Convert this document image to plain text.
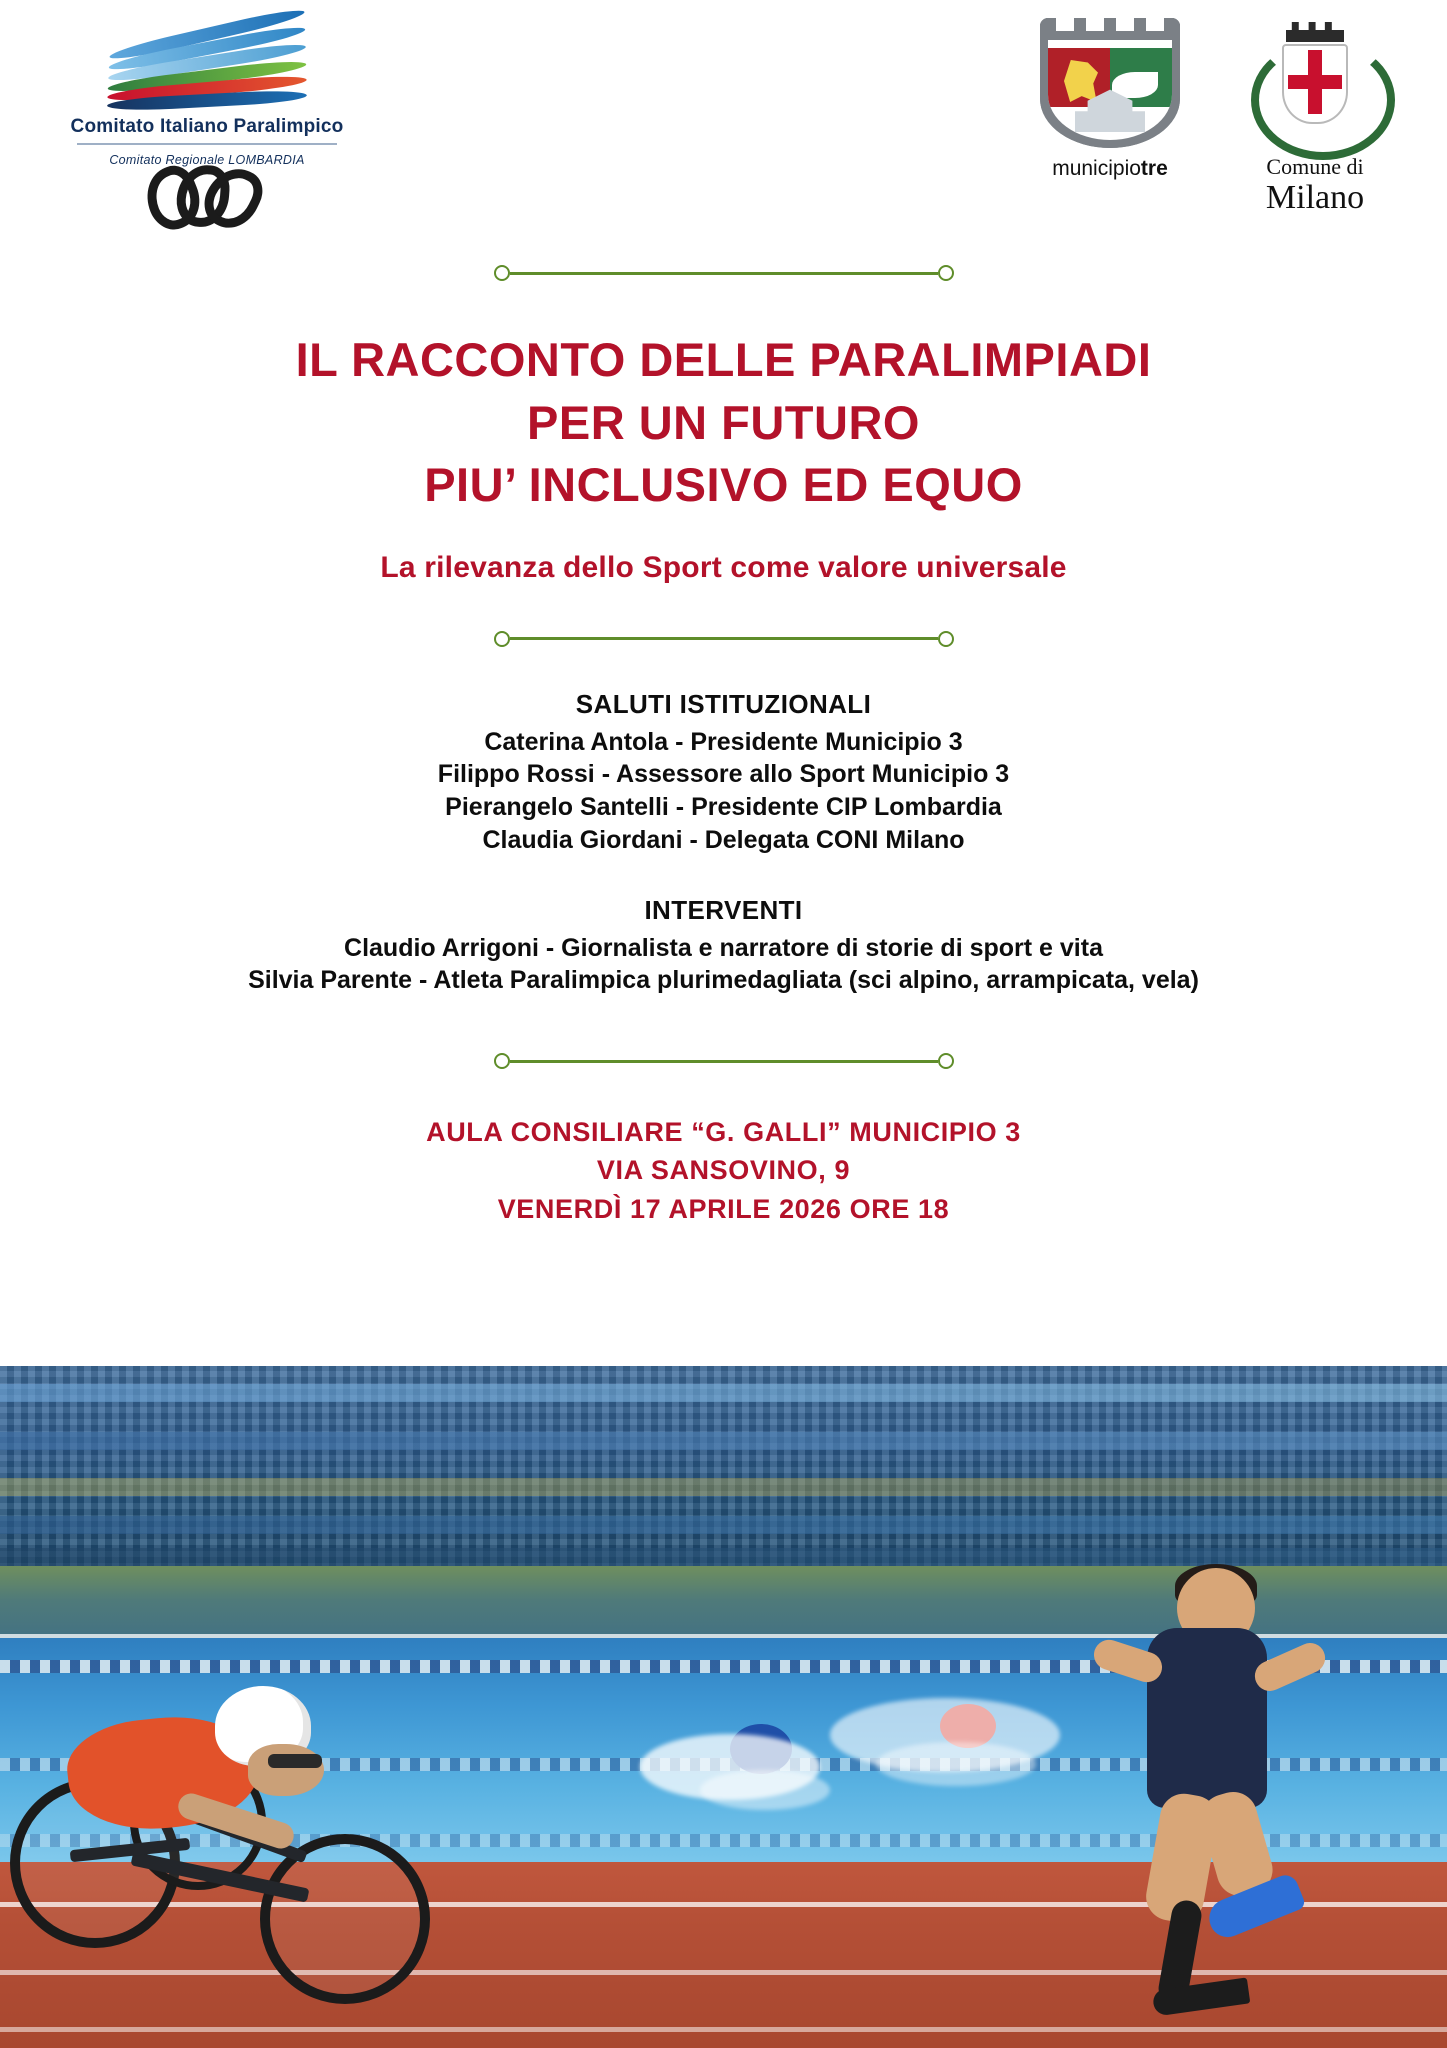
Comitato Italiano Paralimpico
Comitato Regionale LOMBARDIA	municipiotre	Comune di
Milano
IL RACCONTO DELLE PARALIMPIADI
PER UN FUTURO
PIU’ INCLUSIVO ED EQUO
La rilevanza dello Sport come valore universale
SALUTI ISTITUZIONALI
Caterina Antola - Presidente Municipio 3
Filippo Rossi - Assessore allo Sport Municipio 3
Pierangelo Santelli - Presidente CIP Lombardia
Claudia Giordani - Delegata CONI Milano
INTERVENTI
Claudio Arrigoni - Giornalista e narratore di storie di sport e vita
Silvia Parente - Atleta Paralimpica plurimedagliata (sci alpino, arrampicata, vela)
AULA CONSILIARE “G. GALLI” MUNICIPIO 3
VIA SANSOVINO, 9
VENERDÌ 17 APRILE 2026 ORE 18
